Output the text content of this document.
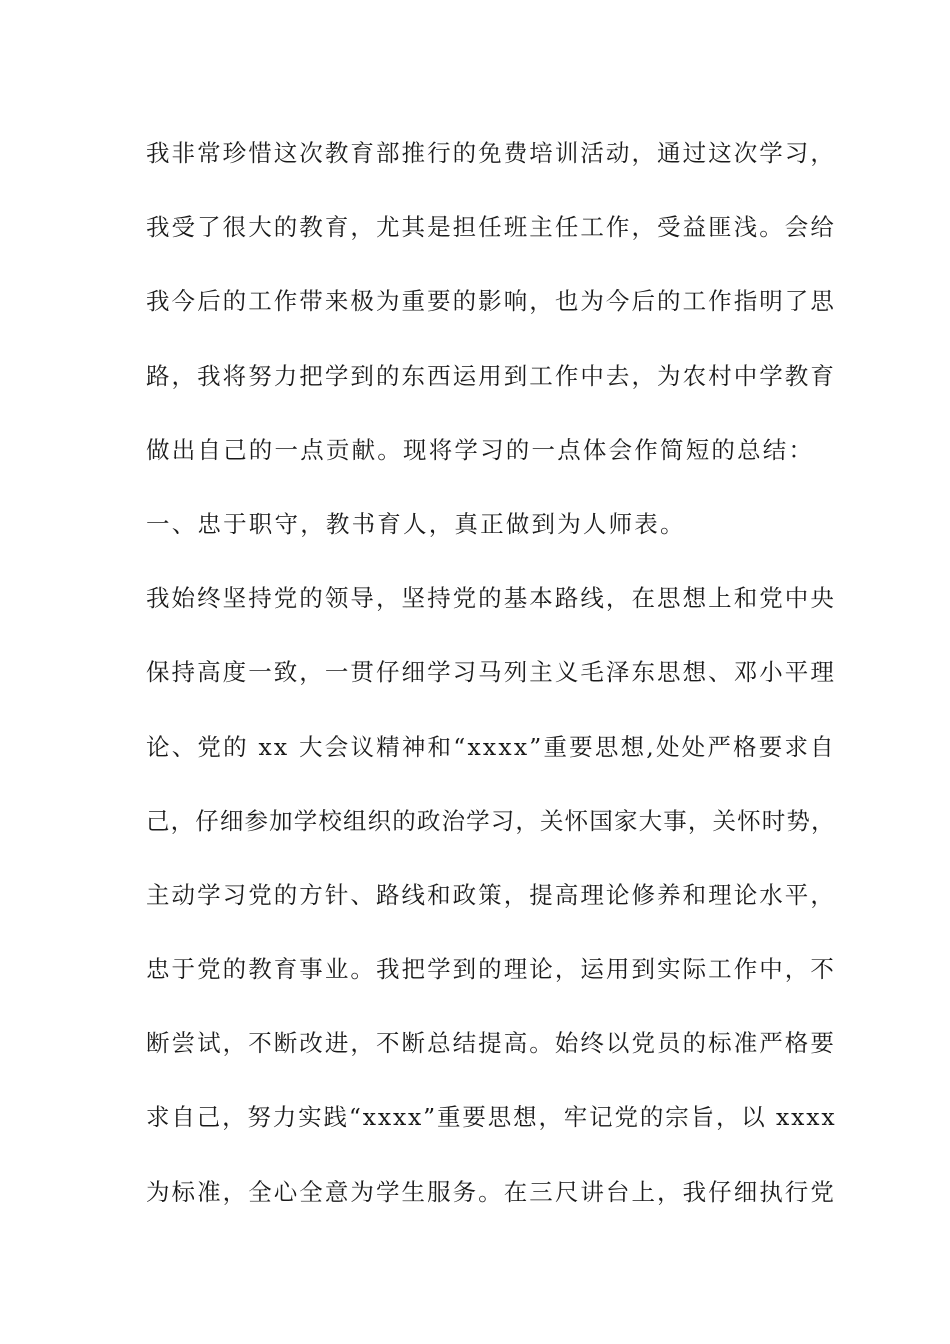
我非常珍惜这次教育部推行的免费培训活动，通过这次学习，
我受了很大的教育，尤其是担任班主任工作，受益匪浅。会给
我今后的工作带来极为重要的影响，也为今后的工作指明了思
路，我将努力把学到的东西运用到工作中去，为农村中学教育
做出自己的一点贡献。现将学习的一点体会作简短的总结：
一、忠于职守，教书育人，真正做到为人师表。
我始终坚持党的领导，坚持党的基本路线，在思想上和党中央
保持高度一致，一贯仔细学习马列主义毛泽东思想、邓小平理
论、党的 xx 大会议精神和“xxxx”重要思想,处处严格要求自
己，仔细参加学校组织的政治学习，关怀国家大事，关怀时势，
主动学习党的方针、路线和政策，提高理论修养和理论水平，
忠于党的教育事业。我把学到的理论，运用到实际工作中，不
断尝试，不断改进，不断总结提高。始终以党员的标准严格要
求自己，努力实践“xxxx”重要思想，牢记党的宗旨，以 xxxx
为标准，全心全意为学生服务。在三尺讲台上，我仔细执行党
